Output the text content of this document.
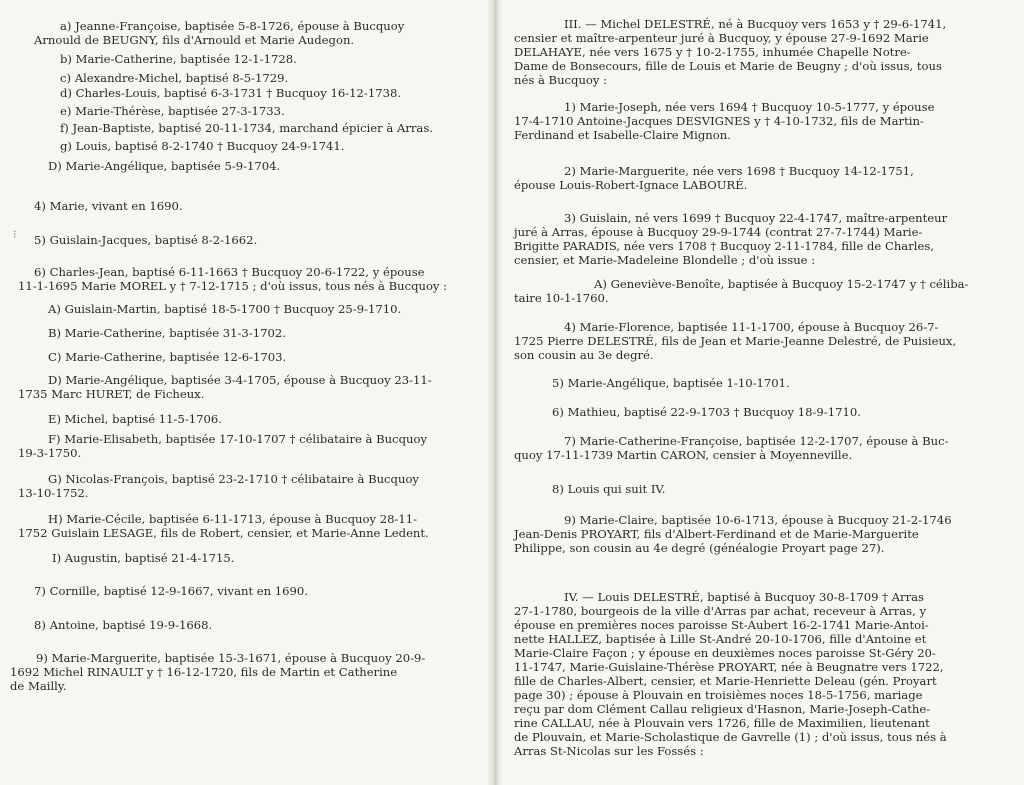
a) Jeanne-Françoise, baptisée 5-8-1726, épouse à Bucquoy
Arnould de BEUGNY, fils d'Arnould et Marie Audegon.
b) Marie-Catherine, baptisée 12-1-1728.
c) Alexandre-Michel, baptisé 8-5-1729.
d) Charles-Louis, baptisé 6-3-1731 † Bucquoy 16-12-1738.
e) Marie-Thérèse, baptisée 27-3-1733.
f) Jean-Baptiste, baptisé 20-11-1734, marchand épicier à Arras.
g) Louis, baptisé 8-2-1740 † Bucquoy 24-9-1741.
D) Marie-Angélique, baptisée 5-9-1704.
4) Marie, vivant en 1690.
5) Guislain-Jacques, baptisé 8-2-1662.
6) Charles-Jean, baptisé 6-11-1663 † Bucquoy 20-6-1722, y épouse
11-1-1695 Marie MOREL y † 7-12-1715 ; d'où issus, tous nés à Bucquoy :
A) Guislain-Martin, baptisé 18-5-1700 † Bucquoy 25-9-1710.
B) Marie-Catherine, baptisée 31-3-1702.
C) Marie-Catherine, baptisée 12-6-1703.
D) Marie-Angélique, baptisée 3-4-1705, épouse à Bucquoy 23-11-
1735 Marc HURET, de Ficheux.
E) Michel, baptisé 11-5-1706.
F) Marie-Elisabeth, baptisée 17-10-1707 † célibataire à Bucquoy
19-3-1750.
G) Nicolas-François, baptisé 23-2-1710 † célibataire à Bucquoy
13-10-1752.
H) Marie-Cécile, baptisée 6-11-1713, épouse à Bucquoy 28-11-
1752 Guislain LESAGE, fils de Robert, censier, et Marie-Anne Ledent.
I) Augustin, baptisé 21-4-1715.
7) Cornille, baptisé 12-9-1667, vivant en 1690.
8) Antoine, baptisé 19-9-1668.
9) Marie-Marguerite, baptisée 15-3-1671, épouse à Bucquoy 20-9-
1692 Michel RINAULT y † 16-12-1720, fils de Martin et Catherine
de Mailly.
III. — Michel DELESTRÉ, né à Bucquoy vers 1653 y † 29-6-1741,
censier et maître-arpenteur juré à Bucquoy, y épouse 27-9-1692 Marie
DELAHAYE, née vers 1675 y † 10-2-1755, inhumée Chapelle Notre-
Dame de Bonsecours, fille de Louis et Marie de Beugny ; d'où issus, tous
nés à Bucquoy :
1) Marie-Joseph, née vers 1694 † Bucquoy 10-5-1777, y épouse
17-4-1710 Antoine-Jacques DESVIGNES y † 4-10-1732, fils de Martin-
Ferdinand et Isabelle-Claire Mignon.
2) Marie-Marguerite, née vers 1698 † Bucquoy 14-12-1751,
épouse Louis-Robert-Ignace LABOURÉ.
3) Guislain, né vers 1699 † Bucquoy 22-4-1747, maître-arpenteur
juré à Arras, épouse à Bucquoy 29-9-1744 (contrat 27-7-1744) Marie-
Brigitte PARADIS, née vers 1708 † Bucquoy 2-11-1784, fille de Charles,
censier, et Marie-Madeleine Blondelle ; d'où issue :
A) Geneviève-Benoîte, baptisée à Bucquoy 15-2-1747 y † céliba-
taire 10-1-1760.
4) Marie-Florence, baptisée 11-1-1700, épouse à Bucquoy 26-7-
1725 Pierre DELESTRÉ, fils de Jean et Marie-Jeanne Delestré, de Puisieux,
son cousin au 3e degré.
5) Marie-Angélique, baptisée 1-10-1701.
6) Mathieu, baptisé 22-9-1703 † Bucquoy 18-9-1710.
7) Marie-Catherine-Françoise, baptisée 12-2-1707, épouse à Buc-
quoy 17-11-1739 Martin CARON, censier à Moyenneville.
8) Louis qui suit IV.
9) Marie-Claire, baptisée 10-6-1713, épouse à Bucquoy 21-2-1746
Jean-Denis PROYART, fils d'Albert-Ferdinand et de Marie-Marguerite
Philippe, son cousin au 4e degré (généalogie Proyart page 27).
IV. — Louis DELESTRÉ, baptisé à Bucquoy 30-8-1709 † Arras
27-1-1780, bourgeois de la ville d'Arras par achat, receveur à Arras, y
épouse en premières noces paroisse St-Aubert 16-2-1741 Marie-Antoi-
nette HALLEZ, baptisée à Lille St-André 20-10-1706, fille d'Antoine et
Marie-Claire Façon ; y épouse en deuxièmes noces paroisse St-Géry 20-
11-1747, Marie-Guislaine-Thérèse PROYART, née à Beugnatre vers 1722,
fille de Charles-Albert, censier, et Marie-Henriette Deleau (gén. Proyart
page 30) ; épouse à Plouvain en troisièmes noces 18-5-1756, mariage
reçu par dom Clément Callau religieux d'Hasnon, Marie-Joseph-Cathe-
rine CALLAU, née à Plouvain vers 1726, fille de Maximilien, lieutenant
de Plouvain, et Marie-Scholastique de Gavrelle (1) ; d'où issus, tous nés à
Arras St-Nicolas sur les Fossés :
⁝
